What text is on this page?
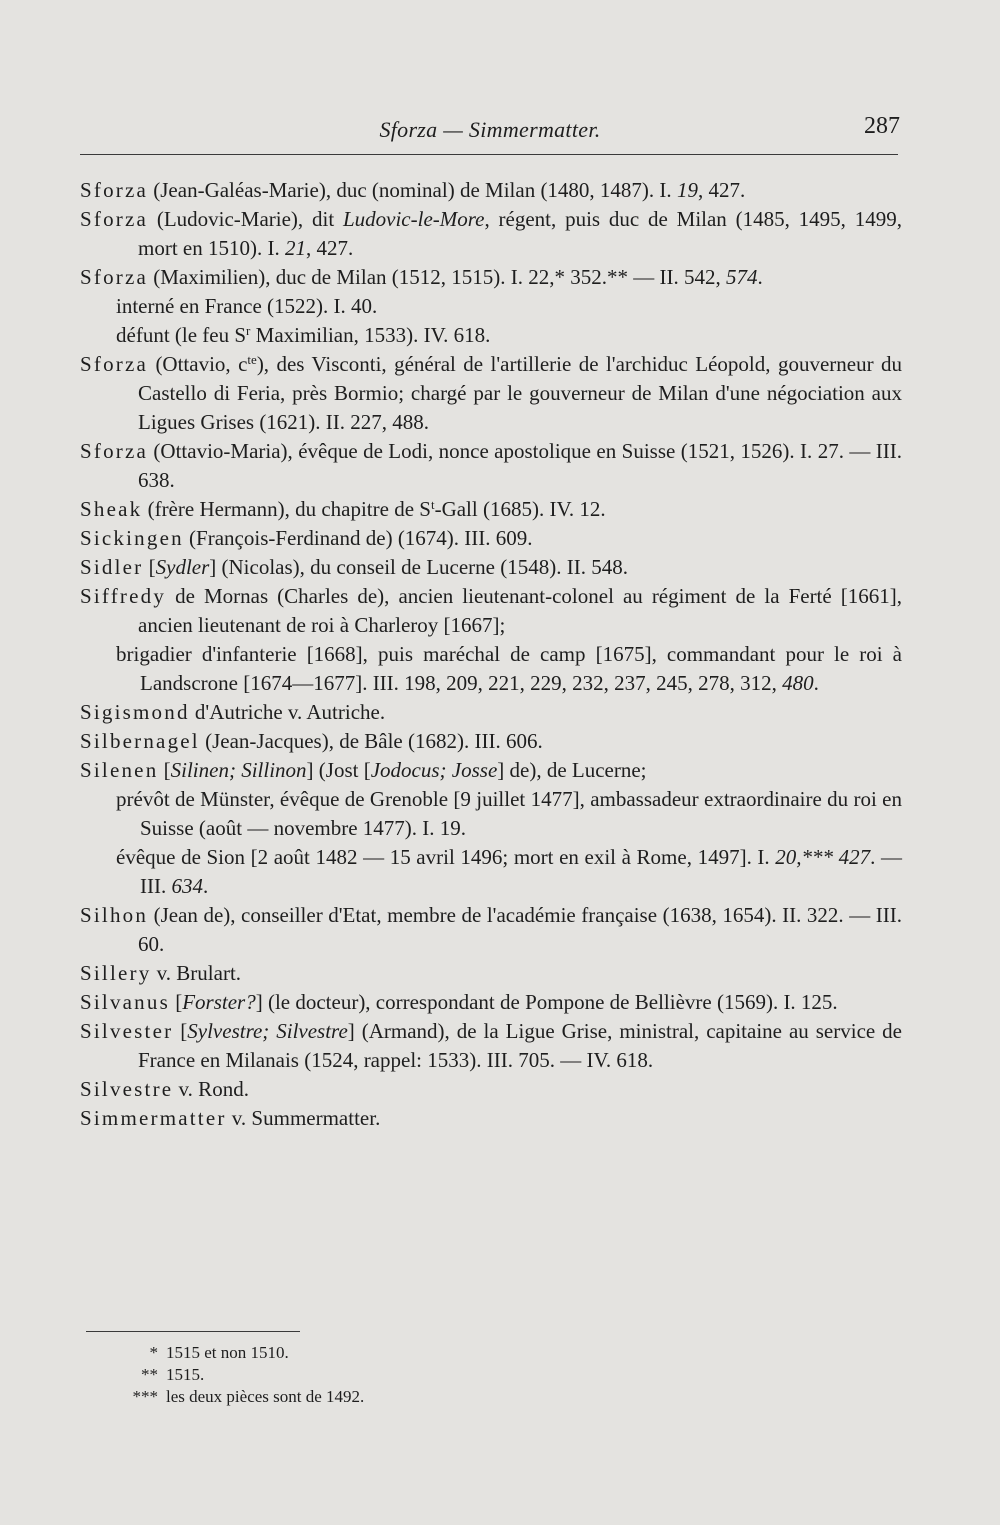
Sforza — Simmermatter.	287

Sforza (Jean-Galéas-Marie), duc (nominal) de Milan (1480, 1487). I. 19, 427.

Sforza (Ludovic-Marie), dit Ludovic-le-More, régent, puis duc de Milan (1485, 1495, 1499, mort en 1510). I. 21, 427.

Sforza (Maximilien), duc de Milan (1512, 1515). I. 22,* 352.** — II. 542, 574.

interné en France (1522). I. 40.

défunt (le feu $S^r$ Maximilian, 1533). IV. 618.

Sforza (Ottavio, $c^{te}$), des Visconti, général de l'artillerie de l'archiduc Léopold, gouverneur du Castello di Feria, près Bormio; chargé par le gouverneur de Milan d'une négociation aux Ligues Grises (1621). II. 227, 488.

Sforza (Ottavio-Maria), évêque de Lodi, nonce apostolique en Suisse (1521, 1526). I. 27. — III. 638.

Sheak (frère Hermann), du chapitre de $S^t$-Gall (1685). IV. 12.

Sickingen (François-Ferdinand de) (1674). III. 609.

Sidler [Sydler] (Nicolas), du conseil de Lucerne (1548). II. 548.

Siffredy de Mornas (Charles de), ancien lieutenant-colonel au régiment de la Ferté [1661], ancien lieutenant de roi à Charleroy [1667];

brigadier d'infanterie [1668], puis maréchal de camp [1675], commandant pour le roi à Landscrone [1674—1677]. III. 198, 209, 221, 229, 232, 237, 245, 278, 312, 480.

Sigismond d'Autriche v. Autriche.

Silbernagel (Jean-Jacques), de Bâle (1682). III. 606.

Silenen [Silinen; Sillinon] (Jost [Jodocus; Josse] de), de Lucerne;

prévôt de Münster, évêque de Grenoble [9 juillet 1477], ambassadeur extraordinaire du roi en Suisse (août — novembre 1477). I. 19.

évêque de Sion [2 août 1482 — 15 avril 1496; mort en exil à Rome, 1497]. I. 20,*** 427. — III. 634.

Silhon (Jean de), conseiller d'Etat, membre de l'académie française (1638, 1654). II. 322. — III. 60.

Sillery v. Brulart.

Silvanus [Forster?] (le docteur), correspondant de Pompone de Bellièvre (1569). I. 125.

Silvester [Sylvestre; Silvestre] (Armand), de la Ligue Grise, ministral, capitaine au service de France en Milanais (1524, rappel: 1533). III. 705. — IV. 618.

Silvestre v. Rond.

Simmermatter v. Summermatter.

* 1515 et non 1510.
** 1515.
*** les deux pièces sont de 1492.
